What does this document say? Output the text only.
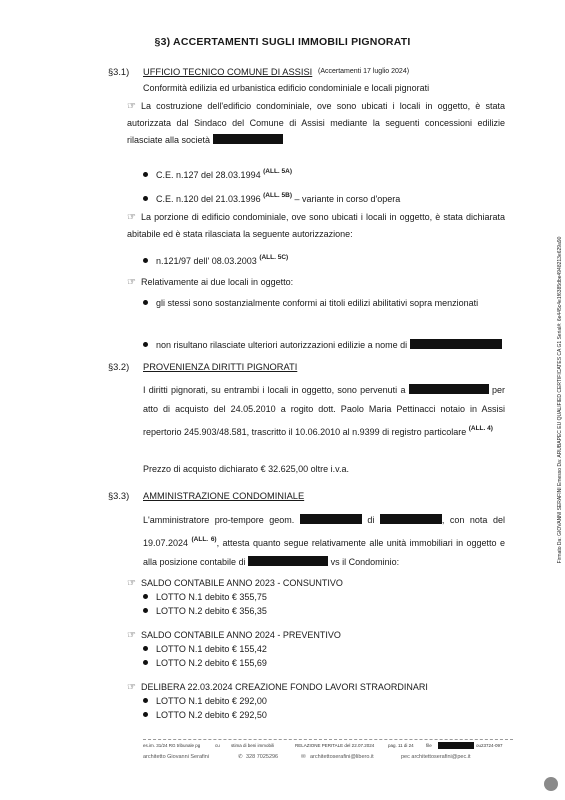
§3) ACCERTAMENTI SUGLI IMMOBILI PIGNORATI
§3.1) UFFICIO TECNICO COMUNE DI ASSISI (Accertamenti 17 luglio 2024)
Conformità edilizia ed urbanistica edificio condominiale e locali pignorati
☞ La costruzione dell'edificio condominiale, ove sono ubicati i locali in oggetto, è stata autorizzata dal Sindaco del Comune di Assisi mediante la seguenti concessioni edilizie rilasciate alla società
C.E. n.127 del 28.03.1994 $^{(ALL. 5A)}$
C.E. n.120 del 21.03.1996 $^{(ALL. 5B)}$ – variante in corso d'opera
☞ La porzione di edificio condominiale, ove sono ubicati i locali in oggetto, è stata dichiarata abitabile ed è stata rilasciata la seguente autorizzazione:
n.121/97 dell' 08.03.2003 $^{(ALL. 5C)}$
☞ Relativamente ai due locali in oggetto:
gli stessi sono sostanzialmente conformi ai titoli edilizi abilitativi sopra menzionati
non risultano rilasciate ulteriori autorizzazioni edilizie a nome di
§3.2) PROVENIENZA DIRITTI PIGNORATI
I diritti pignorati, su entrambi i locali in oggetto, sono pervenuti a	per atto di acquisto del 24.05.2010 a rogito dott. Paolo Maria Pettinacci notaio in Assisi repertorio 245.903/48.581, trascritto il 10.06.2010 al n.9399 di registro particolare $^{(ALL. 4)}$
Prezzo di acquisto dichiarato € 32.625,00 oltre i.v.a.
§3.3) AMMINISTRAZIONE CONDOMINIALE
L'amministratore pro-tempore geom.	di	, con nota del 19.07.2024 $^{(ALL. 6)}$, attesta quanto segue relativamente alle unità immobiliari in oggetto e alla posizione contabile di	vs il Condominio:
☞ SALDO CONTABILE ANNO 2023 - CONSUNTIVO
LOTTO N.1 debito € 355,75
LOTTO N.2 debito € 356,35
☞ SALDO CONTABILE ANNO 2024 - PREVENTIVO
LOTTO N.1 debito € 155,42
LOTTO N.2 debito € 155,69
☞ DELIBERA 22.03.2024 CREAZIONE FONDO LAVORI STRAORDINARI
LOTTO N.1 debito € 292,00
LOTTO N.2 debito € 292,50
es.im. 31/24 RG tribunale pg	cu stima di beni immobili	RELAZIONE PERITALE del 22.07.2024	pag. 11 di 24	file	ou23724-097
architetto Giovanni Serafini	✆ 328 7025296	✉ architettoserafini@libero.it	pec architettoserafini@pec.it
Firmato Da: GIOVANNI SERAFINI Emesso Da: ARUBAPEC EU QUALIFIED CERTIFICATES CA G1 Serial#: 6e445c4e1f6385dbe4948213e629a90
